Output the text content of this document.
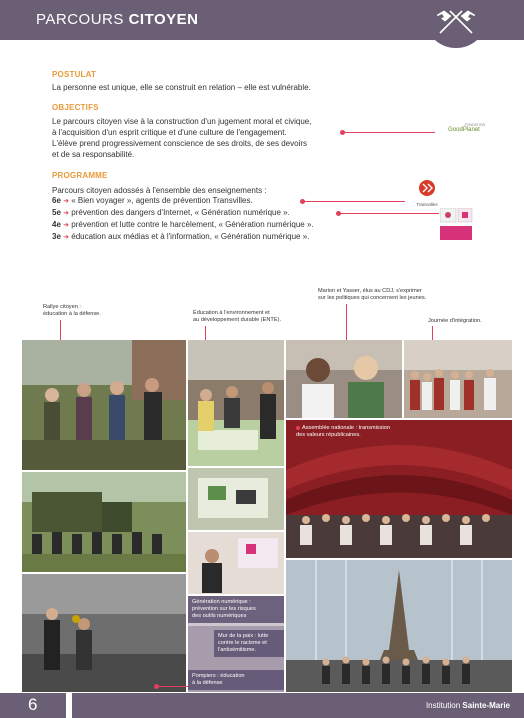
PARCOURS CITOYEN
POSTULAT
La personne est unique, elle se construit en relation – elle est vulnérable.
OBJECTIFS
Le parcours citoyen vise à la construction d'un jugement moral et civique,
à l'acquisition d'un esprit critique et d'une culture de l'engagement.
L'élève prend progressivement conscience de ses droits, de ses devoirs
et de sa responsabilité.
FONDATION
GoodPlanet
PROGRAMME
Parcours citoyen adossés à l'ensemble des enseignements :
6e ➜ « Bien voyager », agents de prévention Transvilles.
5e ➜ prévention des dangers d'Internet, « Génération numérique ».
4e ➜ prévention et lutte contre le harcèlement, « Génération numérique ».
3e ➜ éducation aux médias et à l'information, « Génération numérique ».
Transvilles
Rallye citoyen :
éducation à la défense.	Éducation à l'environnement et
au développement durable (ENTE).
Marion et Yasser, élus au CDJ, s'exprimer
sur les politiques qui concernent les jeunes.
Journée d'intégration.
Assemblée nationale : transmission
des valeurs républicaines.
Génération numérique :
prévention sur les risques
des outils numériques
Mur de la paix : lutte
contre le racisme et
l'antisémitisme.
Pompiers : éducation
à la défense
6	Institution Sainte-Marie
